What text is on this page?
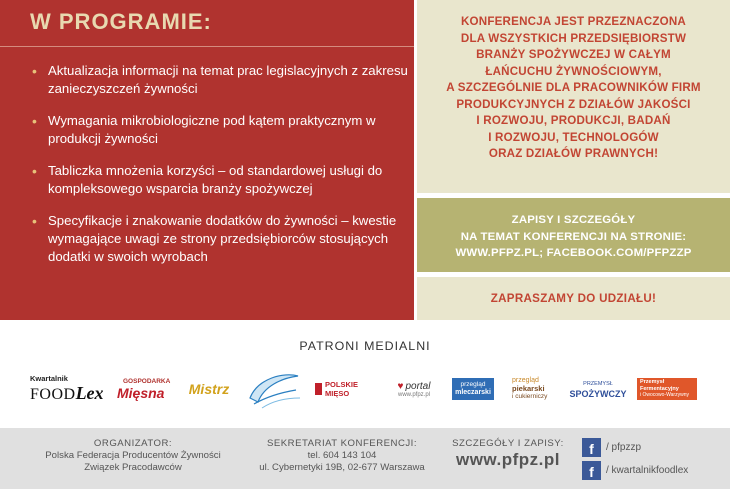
W PROGRAMIE:
• Aktualizacja informacji na temat prac legislacyjnych z zakresu zanieczyszczeń żywności
• Wymagania mikrobiologiczne pod kątem praktycznym w produkcji żywności
• Tabliczka mnożenia korzyści – od standardowej usługi do kompleksowego wsparcia branży spożywczej
• Specyfikacje i znakowanie dodatków do żywności – kwestie wymagające uwagi ze strony przedsiębiorców stosujących dodatki w swoich wyrobach
KONFERENCJA JEST PRZEZNACZONA
DLA WSZYSTKICH PRZEDSIĘBIORSTW
BRANŻY SPOŻYWCZEJ W CAŁYM
ŁAŃCUCHU ŻYWNOŚCIOWYM,
A SZCZEGÓLNIE DLA PRACOWNIKÓW FIRM
PRODUKCYJNYCH Z DZIAŁÓW JAKOŚCI
I ROZWOJU, PRODUKCJI, BADAŃ
I ROZWOJU, TECHNOLOGÓW
ORAZ DZIAŁÓW PRAWNYCH!
ZAPISY I SZCZEGÓŁY
NA TEMAT KONFERENCJI NA STRONIE:
WWW.PFPZ.PL; FACEBOOK.COM/PFPZZP
ZAPRASZAMY DO UDZIAŁU!
PATRONI MEDIALNI
Kwartalnik
FOOD Lex
GOSPODARKA
Mięsna Mistrz	POLSKIE MIĘSO
♥ portal
www.pfpz.pl
przegląd
mleczarski
przegląd
piekarski
i cukierniczy
PRZEMYSŁ
SPOŻYWCZY
Przemysł
Fermentacyjny
i Owocowo-Warzywny
ORGANIZATOR:
Polska Federacja Producentów Żywności
Związek Pracodawców
SEKRETARIAT KONFERENCJI:
tel. 604 143 104
ul. Cybernetyki 19B, 02-677 Warszawa
SZCZEGÓŁY I ZAPISY:
www.pfpz.pl
f	/ pfpzzp
f	/ kwartalnikfoodlex
